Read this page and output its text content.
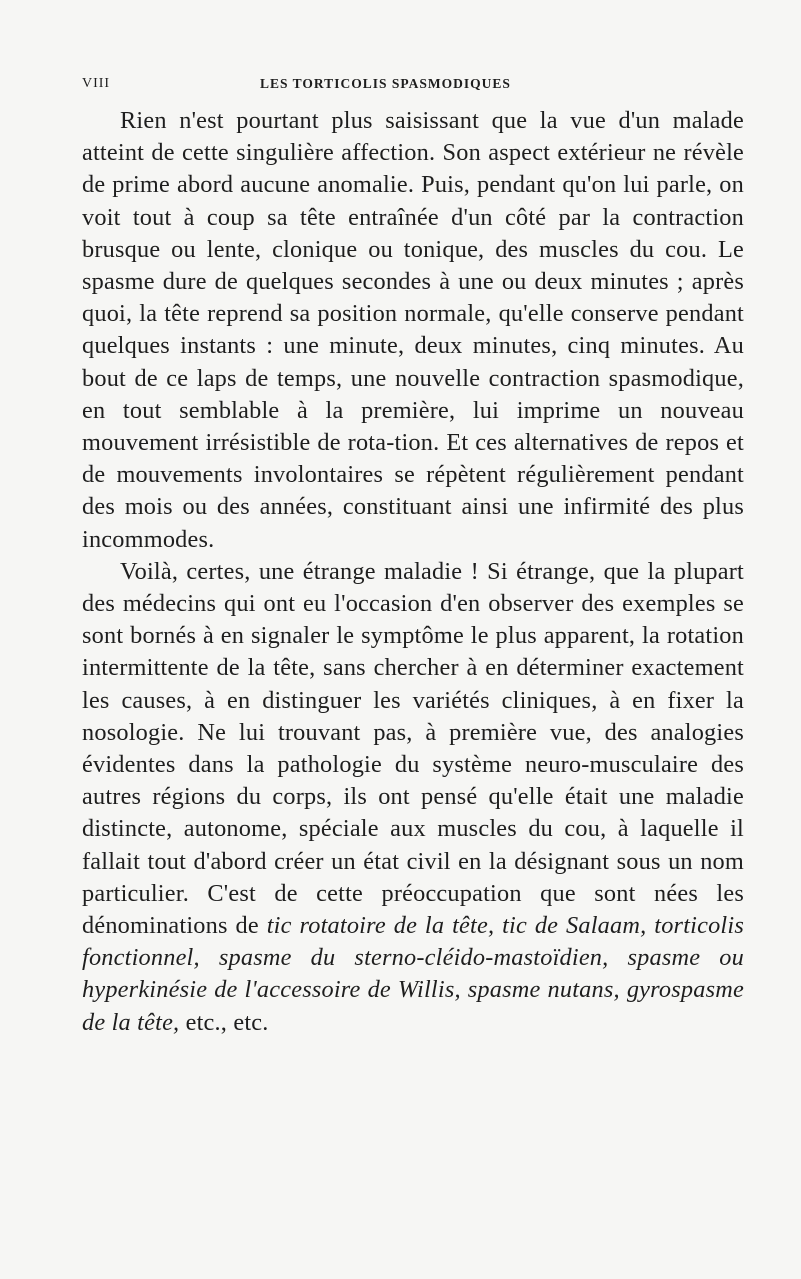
VIII	LES TORTICOLIS SPASMODIQUES

Rien n'est pourtant plus saisissant que la vue d'un malade atteint de cette singulière affection. Son aspect extérieur ne révèle de prime abord aucune anomalie. Puis, pendant qu'on lui parle, on voit tout à coup sa tête entraînée d'un côté par la contraction brusque ou lente, clonique ou tonique, des muscles du cou. Le spasme dure de quelques secondes à une ou deux minutes ; après quoi, la tête reprend sa position normale, qu'elle conserve pendant quelques instants : une minute, deux minutes, cinq minutes. Au bout de ce laps de temps, une nouvelle contraction spasmodique, en tout semblable à la première, lui imprime un nouveau mouvement irrésistible de rota-tion. Et ces alternatives de repos et de mouvements involontaires se répètent régulièrement pendant des mois ou des années, constituant ainsi une infirmité des plus incommodes.

Voilà, certes, une étrange maladie ! Si étrange, que la plupart des médecins qui ont eu l'occasion d'en observer des exemples se sont bornés à en signaler le symptôme le plus apparent, la rotation intermittente de la tête, sans chercher à en déterminer exactement les causes, à en distinguer les variétés cliniques, à en fixer la nosologie. Ne lui trouvant pas, à première vue, des analogies évidentes dans la pathologie du système neuro-musculaire des autres régions du corps, ils ont pensé qu'elle était une maladie distincte, autonome, spéciale aux muscles du cou, à laquelle il fallait tout d'abord créer un état civil en la désignant sous un nom particulier. C'est de cette préoccupation que sont nées les dénominations de tic rotatoire de la tête, tic de Salaam, torticolis fonctionnel, spasme du sterno-cléido-mastoïdien, spasme ou hyperkinésie de l'accessoire de Willis, spasme nutans, gyrospasme de la tête, etc., etc.
